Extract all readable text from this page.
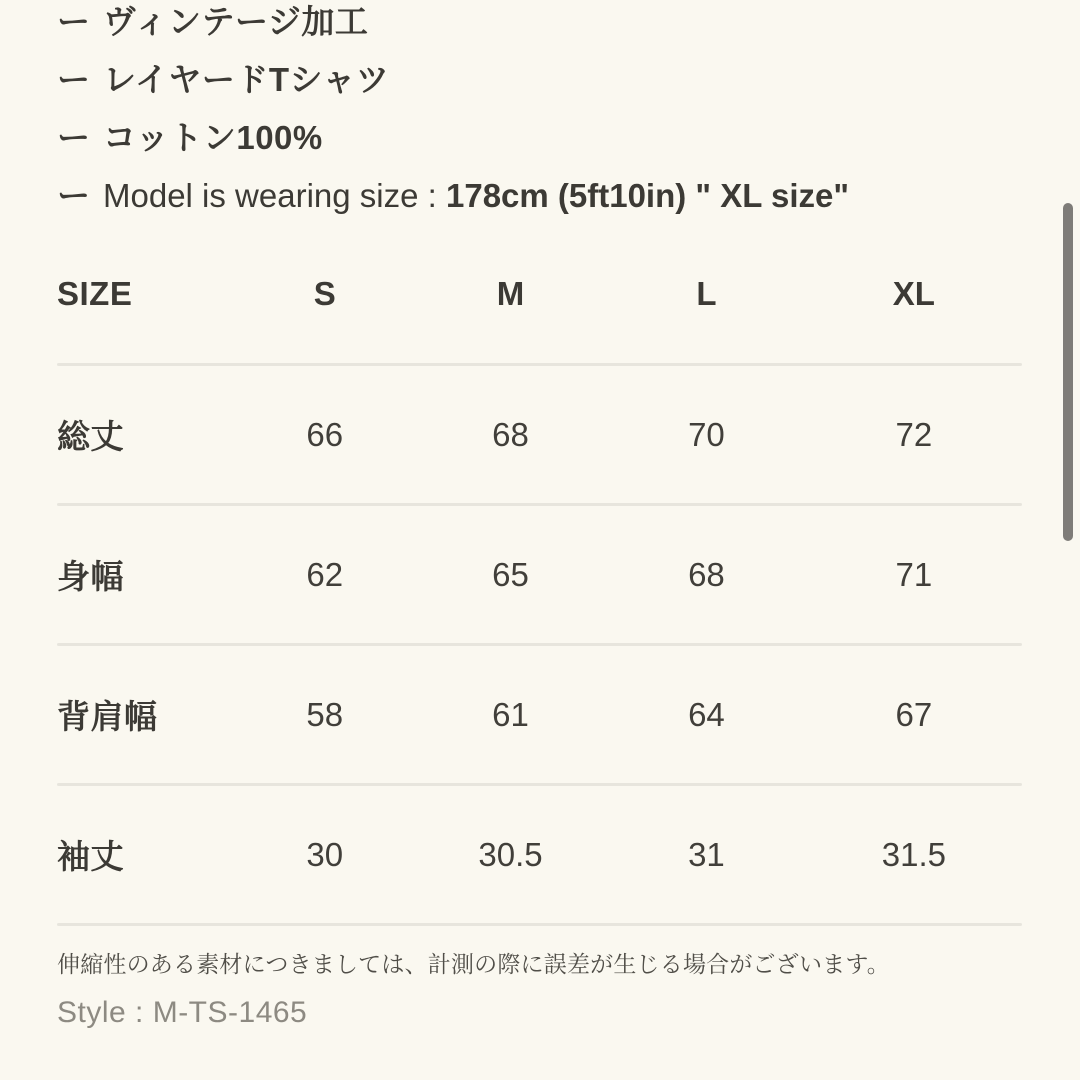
ー ヴィンテージ加工
ー レイヤードTシャツ
ー コットン100%
ー Model is wearing size : 178cm (5ft10in) " XL size"
SIZE	S	M	L	XL
総丈	66	68	70	72
身幅	62	65	68	71
背肩幅	58	61	64	67
袖丈	30	30.5	31	31.5

伸縮性のある素材につきましては、計測の際に誤差が生じる場合がございます。

Style : M-TS-1465
